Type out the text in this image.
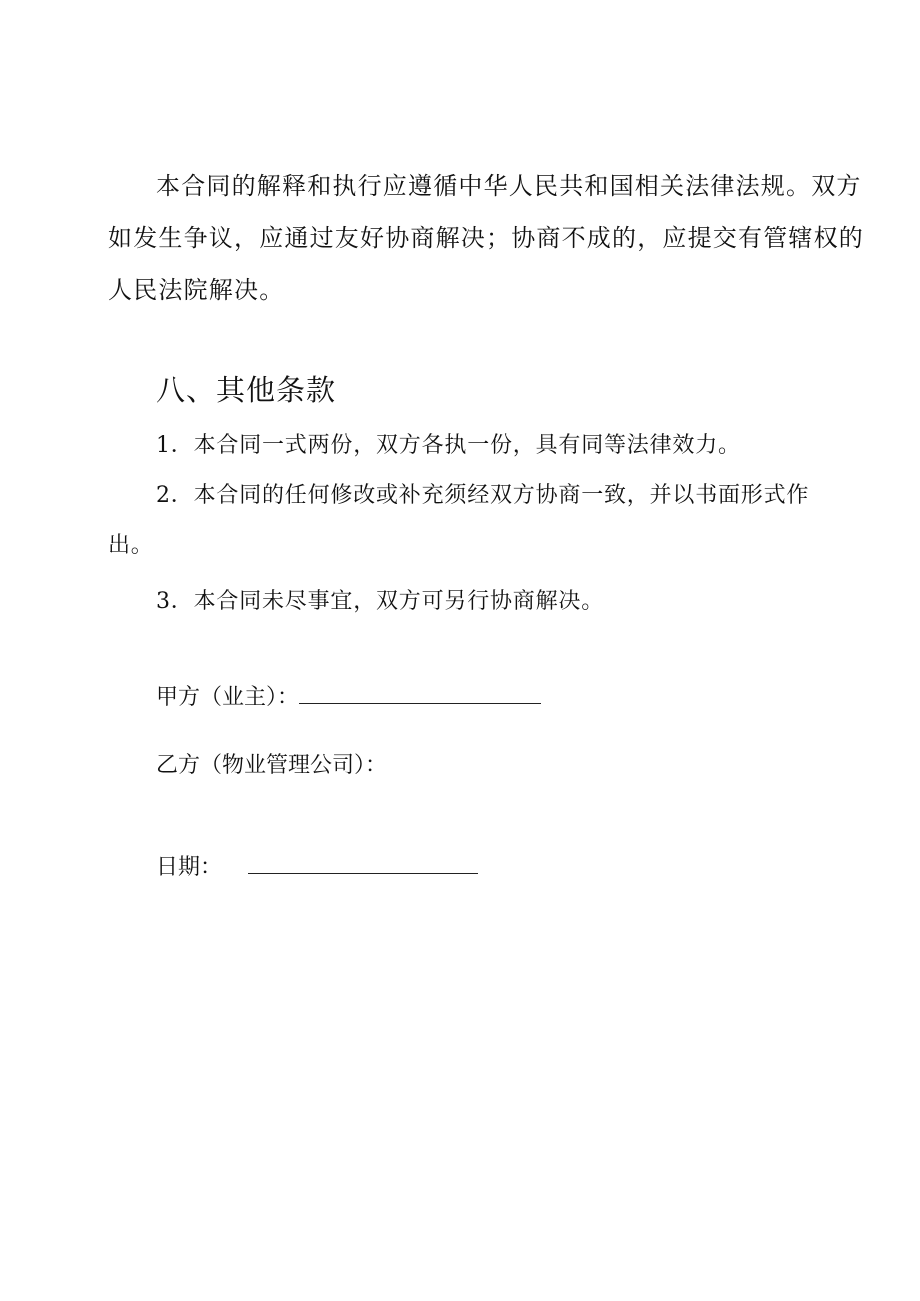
本合同的解释和执行应遵循中华人民共和国相关法律法规。双方
如发生争议，应通过友好协商解决；协商不成的，应提交有管辖权的
人民法院解决。
八、其他条款

1．本合同一式两份，双方各执一份，具有同等法律效力。

2．本合同的任何修改或补充须经双方协商一致，并以书面形式作

出。

3．本合同未尽事宜，双方可另行协商解决。

甲方（业主）：
乙方（物业管理公司）：
日期：
